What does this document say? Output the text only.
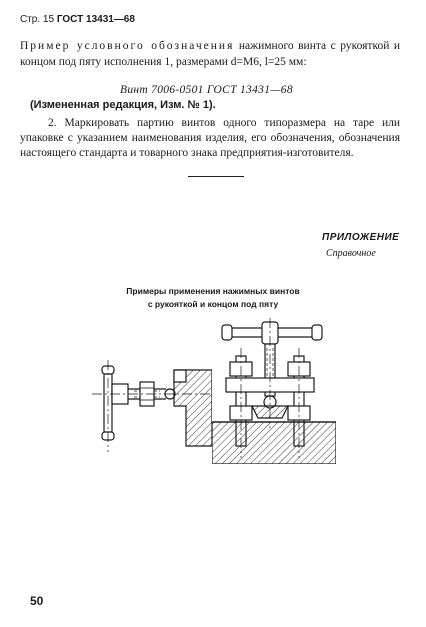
Стр. 15 ГОСТ 13431—68
Пример условного обозначения нажимного винта с рукояткой и концом под пяту исполнения 1, размерами d=M6, l=25 мм:
Винт 7006-0501 ГОСТ 13431—68
(Измененная редакция, Изм. № 1).
2. Маркировать партию винтов одного типоразмера на таре или упаковке с указанием наименования изделия, его обозначения, обозначения настоящего стандарта и товарного знака предприятия-изготовителя.
ПРИЛОЖЕНИЕ
Справочное
Примеры применения нажимных винтов
с рукояткой и концом под пяту
50
